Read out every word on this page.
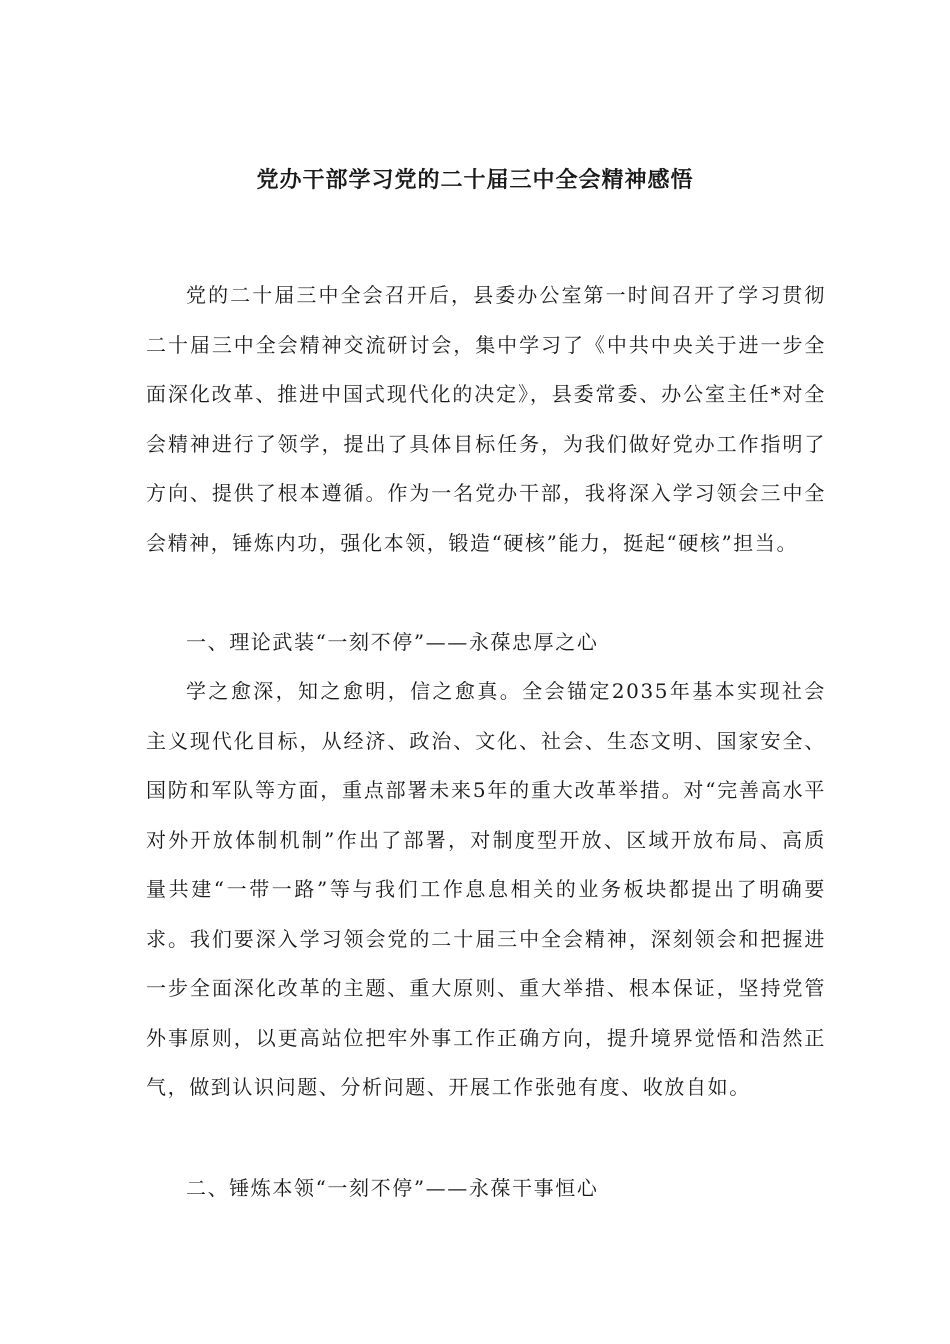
党办干部学习党的二十届三中全会精神感悟

党的二十届三中全会召开后，县委办公室第一时间召开了学习贯彻二十届三中全会精神交流研讨会，集中学习了《中共中央关于进一步全面深化改革、推进中国式现代化的决定》，县委常委、办公室主任*对全会精神进行了领学，提出了具体目标任务，为我们做好党办工作指明了方向、提供了根本遵循。作为一名党办干部，我将深入学习领会三中全会精神，锤炼内功，强化本领，锻造“硬核”能力，挺起“硬核”担当。

一、理论武装“一刻不停”——永葆忠厚之心

学之愈深，知之愈明，信之愈真。全会锚定2035年基本实现社会主义现代化目标，从经济、政治、文化、社会、生态文明、国家安全、国防和军队等方面，重点部署未来5年的重大改革举措。对“完善高水平对外开放体制机制”作出了部署，对制度型开放、区域开放布局、高质量共建“一带一路”等与我们工作息息相关的业务板块都提出了明确要求。我们要深入学习领会党的二十届三中全会精神，深刻领会和把握进一步全面深化改革的主题、重大原则、重大举措、根本保证，坚持党管外事原则，以更高站位把牢外事工作正确方向，提升境界觉悟和浩然正气，做到认识问题、分析问题、开展工作张弛有度、收放自如。

二、锤炼本领“一刻不停”——永葆干事恒心
